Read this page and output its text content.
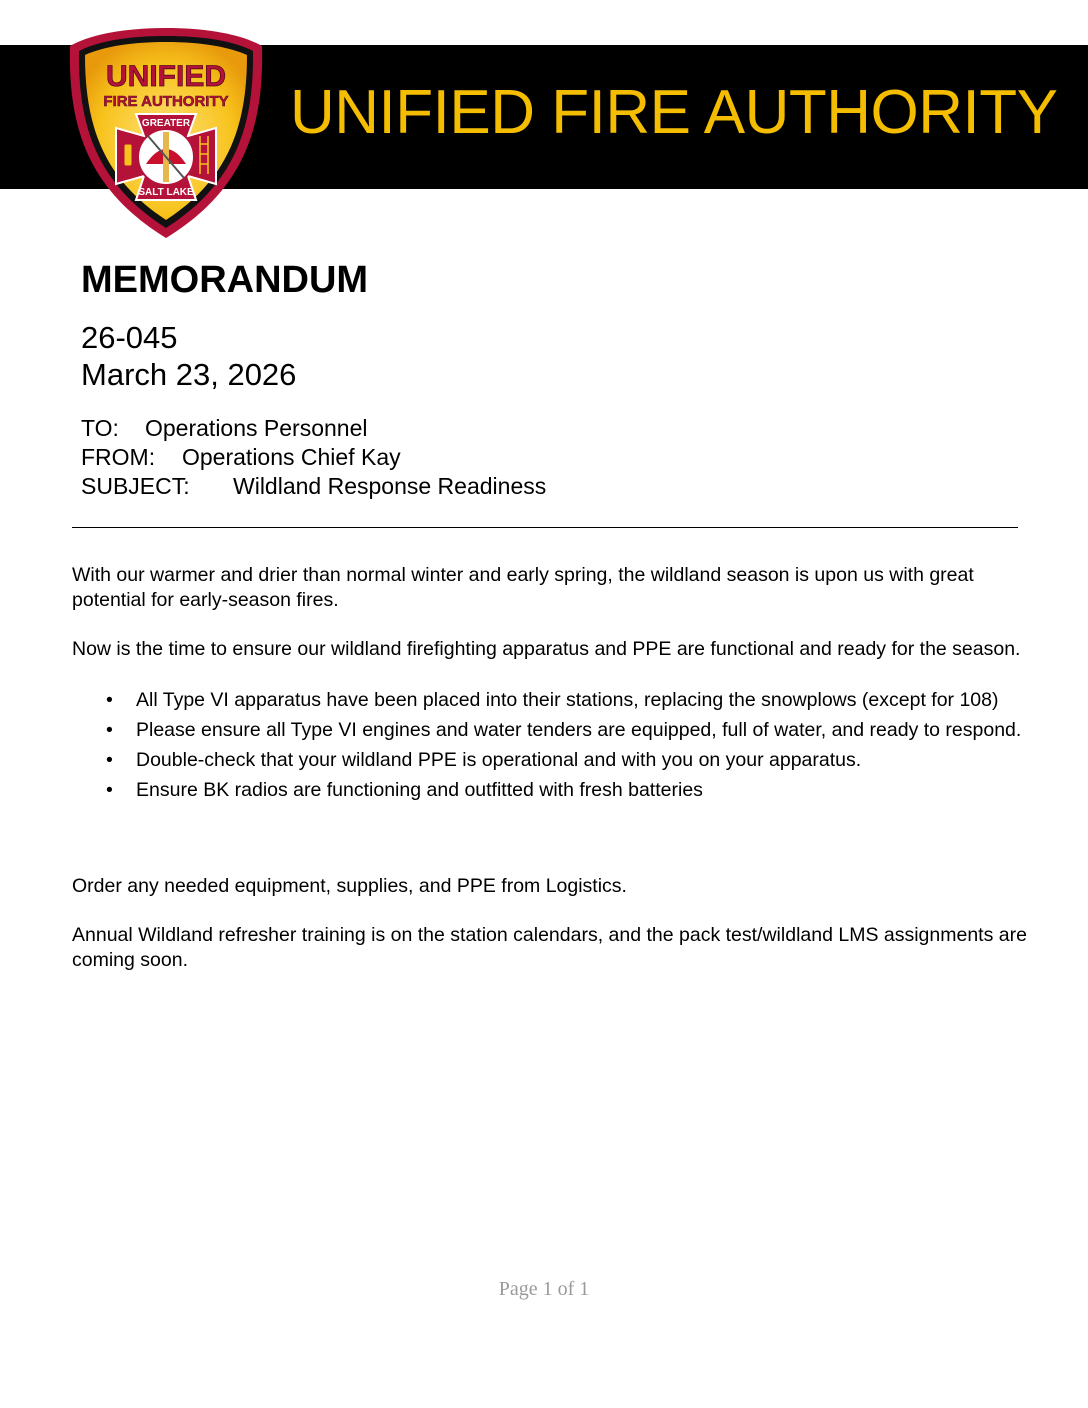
UNIFIED FIRE AUTHORITY
UNIFIED
FIRE AUTHORITY
GREATER
SALT LAKE
MEMORANDUM
26-045
March 23, 2026
TO: Operations Personnel
FROM: Operations Chief Kay
SUBJECT: Wildland Response Readiness
With our warmer and drier than normal winter and early spring, the wildland season is upon us with great potential for early-season fires.
Now is the time to ensure our wildland firefighting apparatus and PPE are functional and ready for the season.
• All Type VI apparatus have been placed into their stations, replacing the snowplows (except for 108)
• Please ensure all Type VI engines and water tenders are equipped, full of water, and ready to respond.
• Double-check that your wildland PPE is operational and with you on your apparatus.
• Ensure BK radios are functioning and outfitted with fresh batteries
Order any needed equipment, supplies, and PPE from Logistics.
Annual Wildland refresher training is on the station calendars, and the pack test/wildland LMS assignments are coming soon.
Page 1 of 1
